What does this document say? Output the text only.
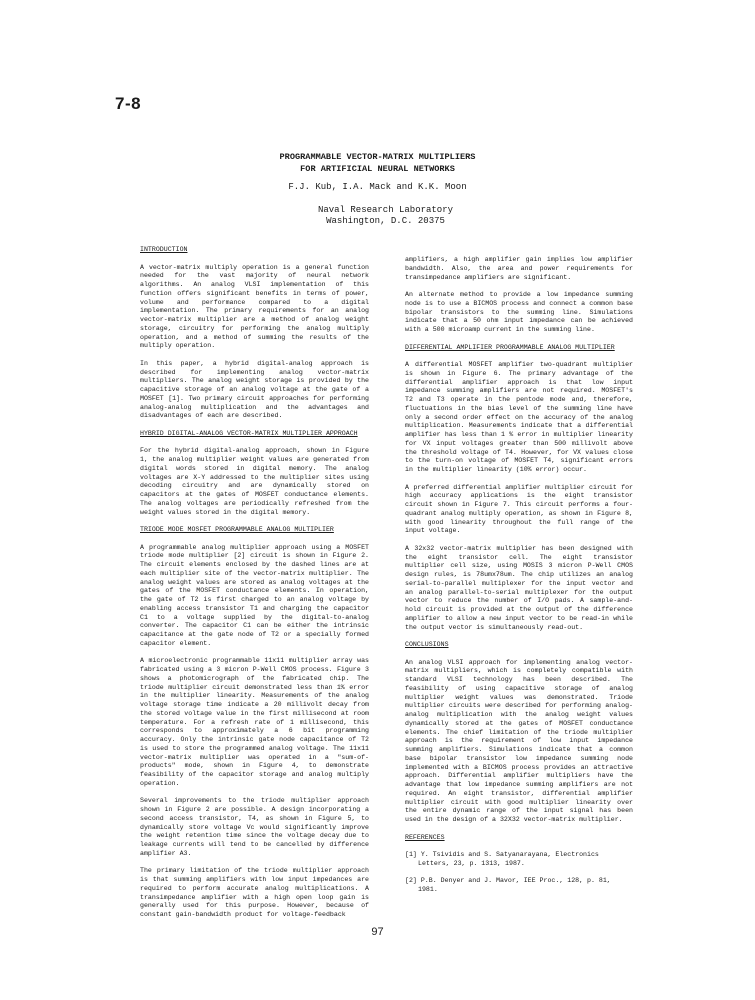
7-8
PROGRAMMABLE VECTOR-MATRIX MULTIPLIERS
FOR ARTIFICIAL NEURAL NETWORKS
F.J. Kub, I.A. Mack and K.K. Moon
Naval Research Laboratory
Washington, D.C. 20375
INTRODUCTION
A vector-matrix multiply operation is a general function needed for the vast majority of neural network algorithms. An analog VLSI implementation of this function offers significant benefits in terms of power, volume and performance compared to a digital implementation. The primary requirements for an analog vector-matrix multiplier are a method of analog weight storage, circuitry for performing the analog multiply operation, and a method of summing the results of the multiply operation.
In this paper, a hybrid digital-analog approach is described for implementing analog vector-matrix multipliers. The analog weight storage is provided by the capacitive storage of an analog voltage at the gate of a MOSFET [1]. Two primary circuit approaches for performing analog-analog multiplication and the advantages and disadvantages of each are described.
HYBRID DIGITAL-ANALOG VECTOR-MATRIX MULTIPLIER APPROACH
For the hybrid digital-analog approach, shown in Figure 1, the analog multiplier weight values are generated from digital words stored in digital memory. The analog voltages are X-Y addressed to the multiplier sites using decoding circuitry and are dynamically stored on capacitors at the gates of MOSFET conductance elements. The analog voltages are periodically refreshed from the weight values stored in the digital memory.
TRIODE MODE MOSFET PROGRAMMABLE ANALOG MULTIPLIER
A programmable analog multiplier approach using a MOSFET triode mode multiplier [2] circuit is shown in Figure 2. The circuit elements enclosed by the dashed lines are at each multiplier site of the vector-matrix multiplier. The analog weight values are stored as analog voltages at the gates of the MOSFET conductance elements. In operation, the gate of T2 is first charged to an analog voltage by enabling access transistor T1 and charging the capacitor C1 to a voltage supplied by the digital-to-analog converter. The capacitor C1 can be either the intrinsic capacitance at the gate node of T2 or a specially formed capacitor element.
A microelectronic programmable 11x11 multiplier array was fabricated using a 3 micron P-Well CMOS process. Figure 3 shows a photomicrograph of the fabricated chip. The triode multiplier circuit demonstrated less than 1% error in the multiplier linearity. Measurements of the analog voltage storage time indicate a 20 millivolt decay from the stored voltage value in the first millisecond at room temperature. For a refresh rate of 1 millisecond, this corresponds to approximately a 6 bit programming accuracy. Only the intrinsic gate node capacitance of T2 is used to store the programmed analog voltage. The 11x11 vector-matrix multiplier was operated in a "sum-of-products" mode, shown in Figure 4, to demonstrate feasibility of the capacitor storage and analog multiply operation.
Several improvements to the triode multiplier approach shown in Figure 2 are possible. A design incorporating a second access transistor, T4, as shown in Figure 5, to dynamically store voltage Vc would significantly improve the weight retention time since the voltage decay due to leakage currents will tend to be cancelled by difference amplifier A3.
The primary limitation of the triode multiplier approach is that summing amplifiers with low input impedances are required to perform accurate analog multiplications. A transimpedance amplifier with a high open loop gain is generally used for this purpose. However, because of constant gain-bandwidth product for voltage-feedback
amplifiers, a high amplifier gain implies low amplifier bandwidth. Also, the area and power requirements for transimpedance amplifiers are significant.
An alternate method to provide a low impedance summing node is to use a BICMOS process and connect a common base bipolar transistors to the summing line. Simulations indicate that a 50 ohm input impedance can be achieved with a 500 microamp current in the summing line.
DIFFERENTIAL AMPLIFIER PROGRAMMABLE ANALOG MULTIPLIER
A differential MOSFET amplifier two-quadrant multiplier is shown in Figure 6. The primary advantage of the differential amplifier approach is that low input impedance summing amplifiers are not required. MOSFET's T2 and T3 operate in the pentode mode and, therefore, fluctuations in the bias level of the summing line have only a second order effect on the accuracy of the analog multiplication. Measurements indicate that a differential amplifier has less than 1 % error in multiplier linearity for VX input voltages greater than 500 millivolt above the threshold voltage of T4. However, for VX values close to the turn-on voltage of MOSFET T4, significant errors in the multiplier linearity (10% error) occur.
A preferred differential amplifier multiplier circuit for high accuracy applications is the eight transistor circuit shown in Figure 7. This circuit performs a four-quadrant analog multiply operation, as shown in Figure 8, with good linearity throughout the full range of the input voltage.
A 32x32 vector-matrix multiplier has been designed with the eight transistor cell. The eight transistor multiplier cell size, using MOSIS 3 micron P-Well CMOS design rules, is 78umx78um. The chip utilizes an analog serial-to-parallel multiplexer for the input vector and an analog parallel-to-serial multiplexer for the output vector to reduce the number of I/O pads. A sample-and-hold circuit is provided at the output of the difference amplifier to allow a new input vector to be read-in while the output vector is simultaneously read-out.
CONCLUSIONS
An analog VLSI approach for implementing analog vector-matrix multipliers, which is completely compatible with standard VLSI technology has been described. The feasibility of using capacitive storage of analog multiplier weight values was demonstrated. Triode multiplier circuits were described for performing analog-analog multiplication with the analog weight values dynamically stored at the gates of MOSFET conductance elements. The chief limitation of the triode multiplier approach is the requirement of low input impedance summing amplifiers. Simulations indicate that a common base bipolar transistor low impedance summing node implemented with a BICMOS process provides an attractive approach. Differential amplifier multipliers have the advantage that low impedance summing amplifiers are not required. An eight transistor, differential amplifier multiplier circuit with good multiplier linearity over the entire dynamic range of the input signal has been used in the design of a 32X32 vector-matrix multiplier.
REFERENCES
[1] Y. Tsividis and S. Satyanarayana, Electronics Letters, 23, p. 1313, 1987.
[2] P.B. Denyer and J. Mavor, IEE Proc., 128, p. 81, 1981.
97
